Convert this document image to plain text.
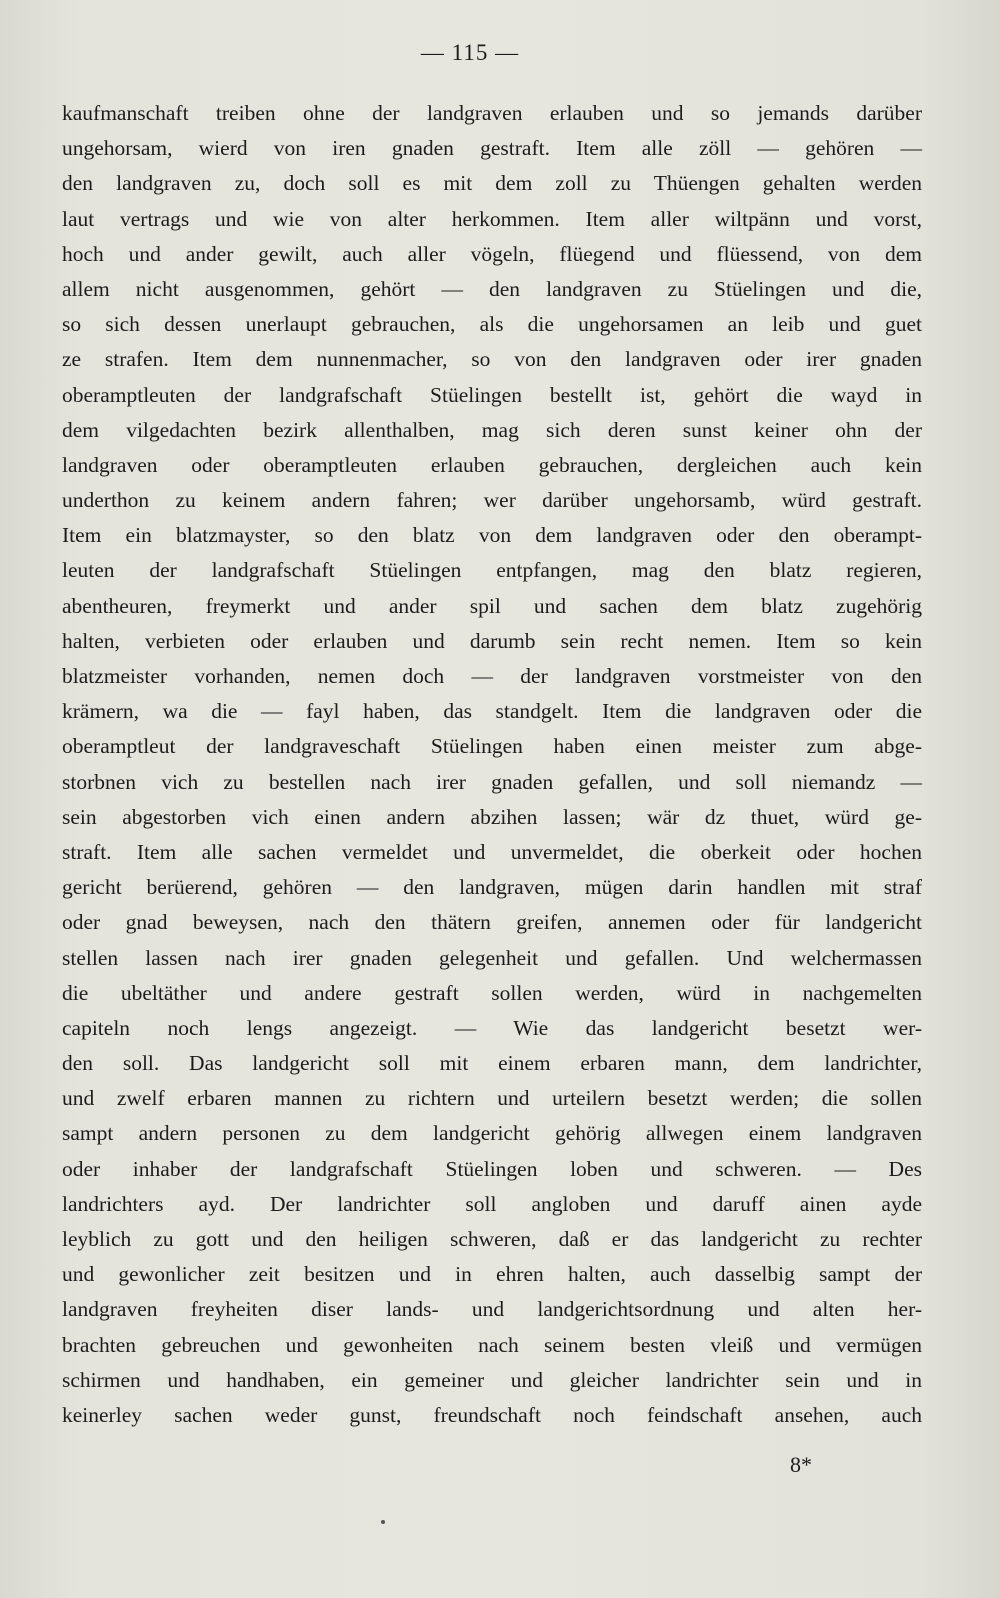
— 115 —
kaufmanschaft treiben ohne der landgraven erlauben und so jemands darüber
ungehorsam, wierd von iren gnaden gestraft. Item alle zöll — gehören —
den landgraven zu, doch soll es mit dem zoll zu Thüengen gehalten werden
laut vertrags und wie von alter herkommen. Item aller wiltpänn und vorst,
hoch und ander gewilt, auch aller vögeln, flüegend und flüessend, von dem
allem nicht ausgenommen, gehört — den landgraven zu Stüelingen und die,
so sich dessen unerlaupt gebrauchen, als die ungehorsamen an leib und guet
ze strafen. Item dem nunnenmacher, so von den landgraven oder irer gnaden
oberamptleuten der landgrafschaft Stüelingen bestellt ist, gehört die wayd in
dem vilgedachten bezirk allenthalben, mag sich deren sunst keiner ohn der
landgraven oder oberamptleuten erlauben gebrauchen, dergleichen auch kein
underthon zu keinem andern fahren; wer darüber ungehorsamb, würd gestraft.
Item ein blatzmayster, so den blatz von dem landgraven oder den oberampt-
leuten der landgrafschaft Stüelingen entpfangen, mag den blatz regieren,
abentheuren, freymerkt und ander spil und sachen dem blatz zugehörig
halten, verbieten oder erlauben und darumb sein recht nemen. Item so kein
blatzmeister vorhanden, nemen doch — der landgraven vorstmeister von den
krämern, wa die — fayl haben, das standgelt. Item die landgraven oder die
oberamptleut der landgraveschaft Stüelingen haben einen meister zum abge-
storbnen vich zu bestellen nach irer gnaden gefallen, und soll niemandz —
sein abgestorben vich einen andern abzihen lassen; wär dz thuet, würd ge-
straft. Item alle sachen vermeldet und unvermeldet, die oberkeit oder hochen
gericht berüerend, gehören — den landgraven, mügen darin handlen mit straf
oder gnad beweysen, nach den thätern greifen, annemen oder für landgericht
stellen lassen nach irer gnaden gelegenheit und gefallen. Und welchermassen
die ubeltäther und andere gestraft sollen werden, würd in nachgemelten
capiteln noch lengs angezeigt. — Wie das landgericht besetzt wer-
den soll. Das landgericht soll mit einem erbaren mann, dem landrichter,
und zwelf erbaren mannen zu richtern und urteilern besetzt werden; die sollen
sampt andern personen zu dem landgericht gehörig allwegen einem landgraven
oder inhaber der landgrafschaft Stüelingen loben und schweren. — Des
landrichters ayd. Der landrichter soll angloben und daruff ainen ayde
leyblich zu gott und den heiligen schweren, daß er das landgericht zu rechter
und gewonlicher zeit besitzen und in ehren halten, auch dasselbig sampt der
landgraven freyheiten diser lands- und landgerichtsordnung und alten her-
brachten gebreuchen und gewonheiten nach seinem besten vleiß und vermügen
schirmen und handhaben, ein gemeiner und gleicher landrichter sein und in
keinerley sachen weder gunst, freundschaft noch feindschaft ansehen, auch
8*
